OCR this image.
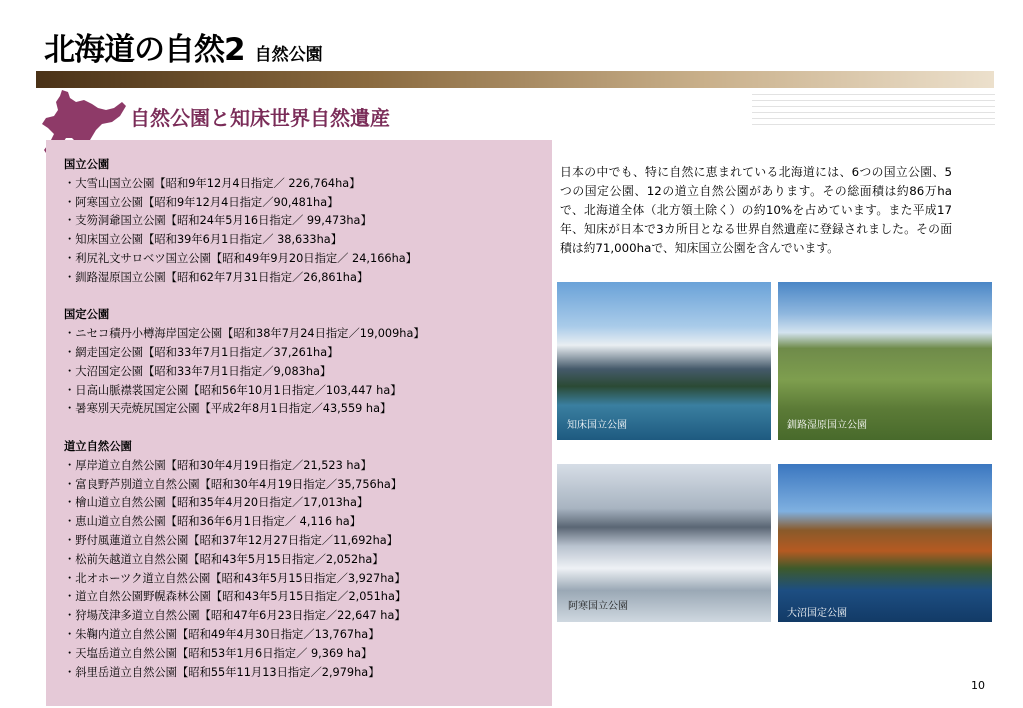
北海道の自然2 自然公園
自然公園と知床世界自然遺産
国立公園
・大雪山国立公園【昭和9年12月4日指定／ 226,764ha】
・阿寒国立公園【昭和9年12月4日指定／90,481ha】
・支笏洞爺国立公園【昭和24年5月16日指定／ 99,473ha】
・知床国立公園【昭和39年6月1日指定／ 38,633ha】
・利尻礼文サロベツ国立公園【昭和49年9月20日指定／ 24,166ha】
・釧路湿原国立公園【昭和62年7月31日指定／26,861ha】
国定公園
・ニセコ積丹小樽海岸国定公園【昭和38年7月24日指定／19,009ha】
・網走国定公園【昭和33年7月1日指定／37,261ha】
・大沼国定公園【昭和33年7月1日指定／9,083ha】
・日高山脈襟裳国定公園【昭和56年10月1日指定／103,447 ha】
・暑寒別天売焼尻国定公園【平成2年8月1日指定／43,559 ha】
道立自然公園
・厚岸道立自然公園【昭和30年4月19日指定／21,523 ha】
・富良野芦別道立自然公園【昭和30年4月19日指定／35,756ha】
・檜山道立自然公園【昭和35年4月20日指定／17,013ha】
・恵山道立自然公園【昭和36年6月1日指定／ 4,116 ha】
・野付風蓮道立自然公園【昭和37年12月27日指定／11,692ha】
・松前矢越道立自然公園【昭和43年5月15日指定／2,052ha】
・北オホーツク道立自然公園【昭和43年5月15日指定／3,927ha】
・道立自然公園野幌森林公園【昭和43年5月15日指定／2,051ha】
・狩場茂津多道立自然公園【昭和47年6月23日指定／22,647 ha】
・朱鞠内道立自然公園【昭和49年4月30日指定／13,767ha】
・天塩岳道立自然公園【昭和53年1月6日指定／ 9,369 ha】
・斜里岳道立自然公園【昭和55年11月13日指定／2,979ha】
日本の中でも、特に自然に恵まれている北海道には、6つの国立公園、5つの国定公園、12の道立自然公園があります。その総面積は約86万haで、北海道全体（北方領土除く）の約10%を占めています。また平成17年、知床が日本で3カ所目となる世界自然遺産に登録されました。その面積は約71,000haで、知床国立公園を含んでいます。
知床国立公園	釧路湿原国立公園
阿寒国立公園
大沼国定公園
10
